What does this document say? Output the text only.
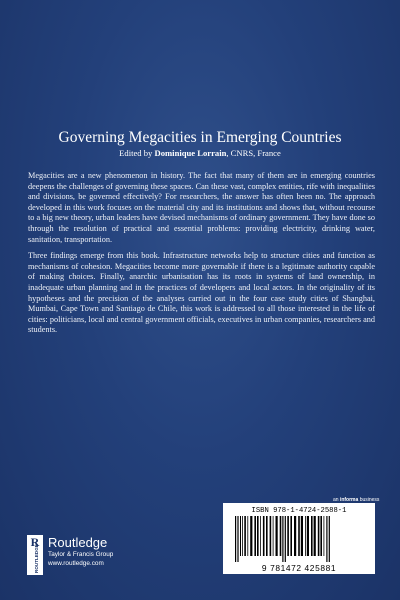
Governing Megacities in Emerging Countries
Edited by Dominique Lorrain, CNRS, France

Megacities are a new phenomenon in history. The fact that many of them are in emerging countries deepens the challenges of governing these spaces. Can these vast, complex entities, rife with inequalities and divisions, be governed effectively? For researchers, the answer has often been no. The approach developed in this work focuses on the material city and its institutions and shows that, without recourse to a big new theory, urban leaders have devised mechanisms of ordinary government. They have done so through the resolution of practical and essential problems: providing electricity, drinking water, sanitation, transportation.

Three findings emerge from this book. Infrastructure networks help to structure cities and function as mechanisms of cohesion. Megacities become more governable if there is a legitimate authority capable of making choices. Finally, anarchic urbanisation has its roots in systems of land ownership, in inadequate urban planning and in the practices of developers and local actors. In the originality of its hypotheses and the precision of the analyses carried out in the four case study cities of Shanghai, Mumbai, Cape Town and Santiago de Chile, this work is addressed to all those interested in the life of cities: politicians, local and central government officials, executives in urban companies, researchers and students.

R
ROUTLEDGE
Routledge
Taylor & Francis Group
www.routledge.com
an informa business
ISBN 978-1-4724-2588-1
9 781472 425881
